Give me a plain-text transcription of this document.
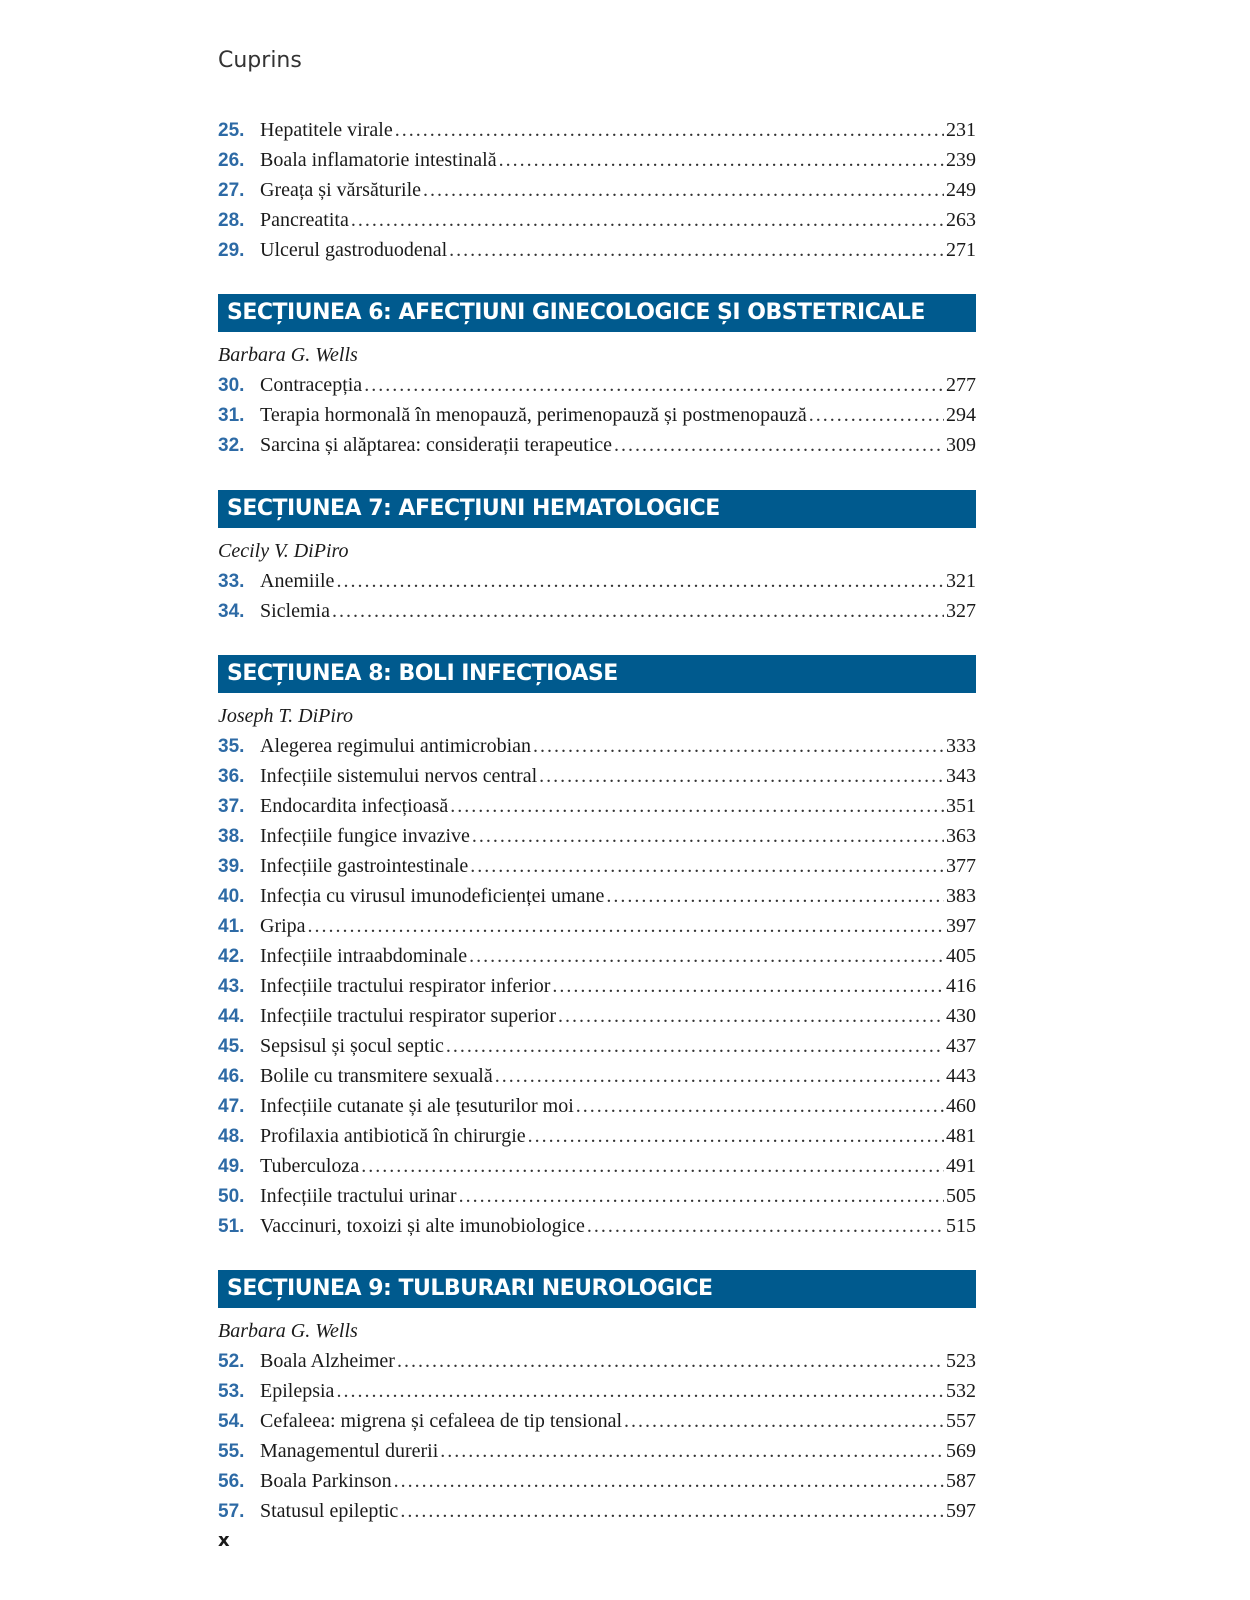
Cuprins
25. Hepatitele virale .....	231
26. Boala inflamatorie intestinală .....	239
27. Greața și vărsăturile .....	249
28. Pancreatita .....	263
29. Ulcerul gastroduodenal .....	271
SECȚIUNEA 6: AFECȚIUNI GINECOLOGICE ȘI OBSTETRICALE
Barbara G. Wells
30. Contracepția .....	277
31. Terapia hormonală în menopauză, perimenopauză și postmenopauză .....	294
32. Sarcina și alăptarea: considerații terapeutice .....	309
SECȚIUNEA 7: AFECȚIUNI HEMATOLOGICE
Cecily V. DiPiro
33. Anemiile .....	321
34. Siclemia .....	327
SECȚIUNEA 8: BOLI INFECȚIOASE
Joseph T. DiPiro
35. Alegerea regimului antimicrobian .....	333
36. Infecțiile sistemului nervos central .....	343
37. Endocardita infecțioasă .....	351
38. Infecțiile fungice invazive .....	363
39. Infecțiile gastrointestinale .....	377
40. Infecția cu virusul imunodeficienței umane .....	383
41. Gripa .....	397
42. Infecțiile intraabdominale .....	405
43. Infecțiile tractului respirator inferior .....	416
44. Infecțiile tractului respirator superior .....	430
45. Sepsisul și șocul septic .....	437
46. Bolile cu transmitere sexuală .....	443
47. Infecțiile cutanate și ale țesuturilor moi .....	460
48. Profilaxia antibiotică în chirurgie .....	481
49. Tuberculoza .....	491
50. Infecțiile tractului urinar .....	505
51. Vaccinuri, toxoizi și alte imunobiologice .....	515
SECȚIUNEA 9: TULBURARI NEUROLOGICE
Barbara G. Wells
52. Boala Alzheimer .....	523
53. Epilepsia .....	532
54. Cefaleea: migrena și cefaleea de tip tensional .....	557
55. Managementul durerii .....	569
56. Boala Parkinson .....	587
57. Statusul epileptic .....	597
x
